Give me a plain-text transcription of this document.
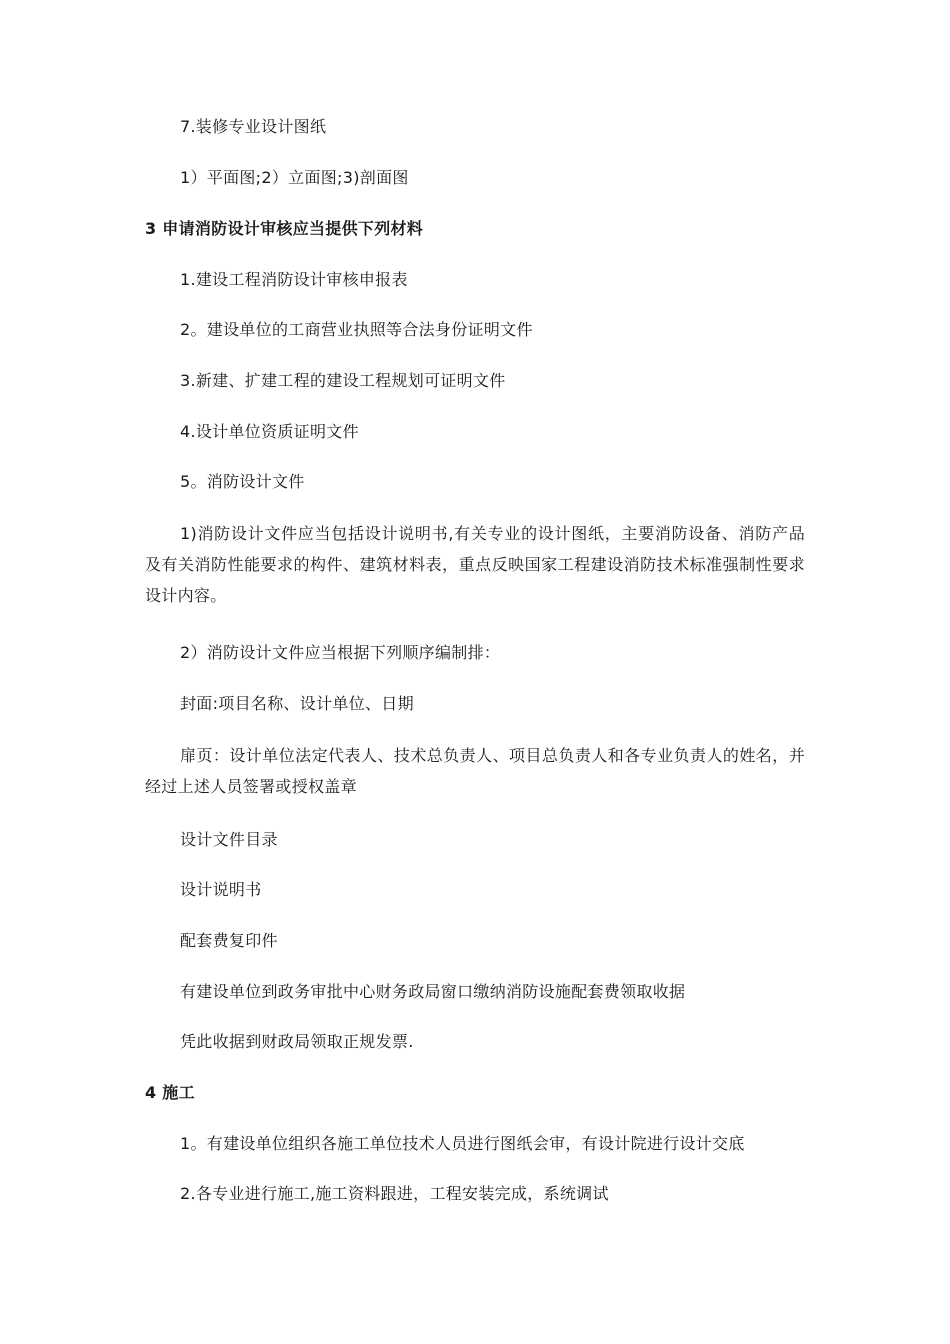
7.装修专业设计图纸
1）平面图;2）立面图;3)剖面图
3 申请消防设计审核应当提供下列材料
1.建设工程消防设计审核申报表
2。建设单位的工商营业执照等合法身份证明文件
3.新建、扩建工程的建设工程规划可证明文件
4.设计单位资质证明文件
5。消防设计文件
1)消防设计文件应当包括设计说明书,有关专业的设计图纸，主要消防设备、消防产品及有关消防性能要求的构件、建筑材料表，重点反映国家工程建设消防技术标准强制性要求设计内容。
2）消防设计文件应当根据下列顺序编制排：
封面:项目名称、设计单位、日期
扉页：设计单位法定代表人、技术总负责人、项目总负责人和各专业负责人的姓名，并经过上述人员签署或授权盖章
设计文件目录
设计说明书
配套费复印件
有建设单位到政务审批中心财务政局窗口缴纳消防设施配套费领取收据
凭此收据到财政局领取正规发票.
4 施工
1。有建设单位组织各施工单位技术人员进行图纸会审，有设计院进行设计交底
2.各专业进行施工,施工资料跟进，工程安装完成，系统调试
